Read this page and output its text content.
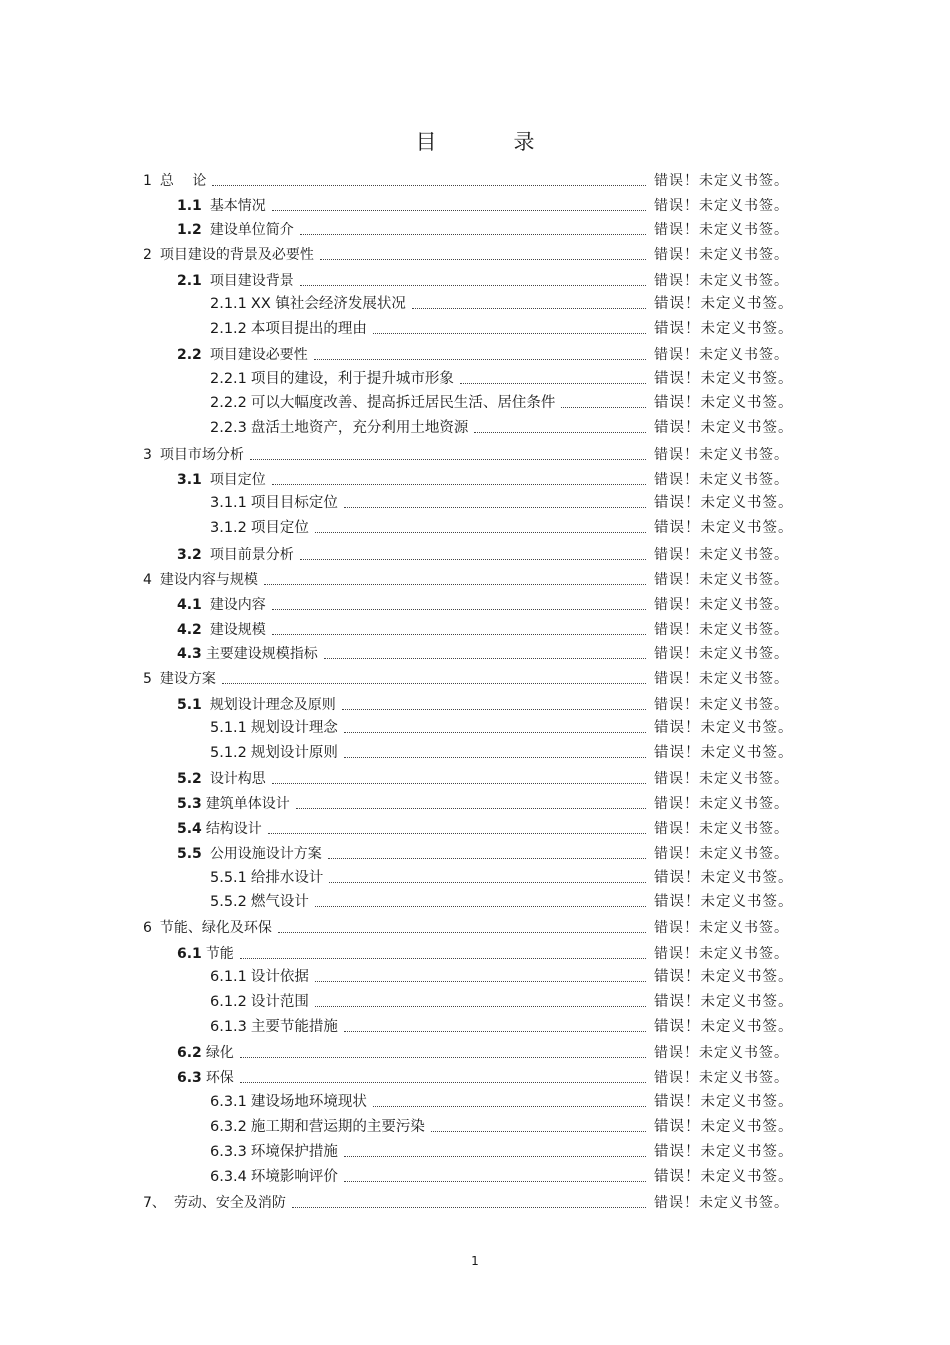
目　录
1 总　 论	错误！未定义书签。
1.1 基本情况	错误！未定义书签。
1.2 建设单位简介	错误！未定义书签。
2 项目建设的背景及必要性	错误！未定义书签。
2.1 项目建设背景	错误！未定义书签。
2.1.1 XX 镇社会经济发展状况	错误！未定义书签。
2.1.2 本项目提出的理由	错误！未定义书签。
2.2 项目建设必要性	错误！未定义书签。
2.2.1 项目的建设，利于提升城市形象	错误！未定义书签。
2.2.2 可以大幅度改善、提高拆迁居民生活、居住条件	错误！未定义书签。
2.2.3 盘活土地资产，充分利用土地资源	错误！未定义书签。
3 项目市场分析	错误！未定义书签。
3.1 项目定位	错误！未定义书签。
3.1.1 项目目标定位	错误！未定义书签。
3.1.2 项目定位	错误！未定义书签。
3.2 项目前景分析	错误！未定义书签。
4 建设内容与规模	错误！未定义书签。
4.1 建设内容	错误！未定义书签。
4.2 建设规模	错误！未定义书签。
4.3 主要建设规模指标	错误！未定义书签。
5 建设方案	错误！未定义书签。
5.1 规划设计理念及原则	错误！未定义书签。
5.1.1 规划设计理念	错误！未定义书签。
5.1.2 规划设计原则	错误！未定义书签。
5.2 设计构思	错误！未定义书签。
5.3 建筑单体设计	错误！未定义书签。
5.4 结构设计	错误！未定义书签。
5.5 公用设施设计方案	错误！未定义书签。
5.5.1 给排水设计	错误！未定义书签。
5.5.2 燃气设计	错误！未定义书签。
6 节能、绿化及环保	错误！未定义书签。
6.1 节能	错误！未定义书签。
6.1.1 设计依据	错误！未定义书签。
6.1.2 设计范围	错误！未定义书签。
6.1.3 主要节能措施	错误！未定义书签。
6.2 绿化	错误！未定义书签。
6.3 环保	错误！未定义书签。
6.3.1 建设场地环境现状	错误！未定义书签。
6.3.2 施工期和营运期的主要污染	错误！未定义书签。
6.3.3 环境保护措施	错误！未定义书签。
6.3.4 环境影响评价	错误！未定义书签。
7、 劳动、安全及消防	错误！未定义书签。
1
